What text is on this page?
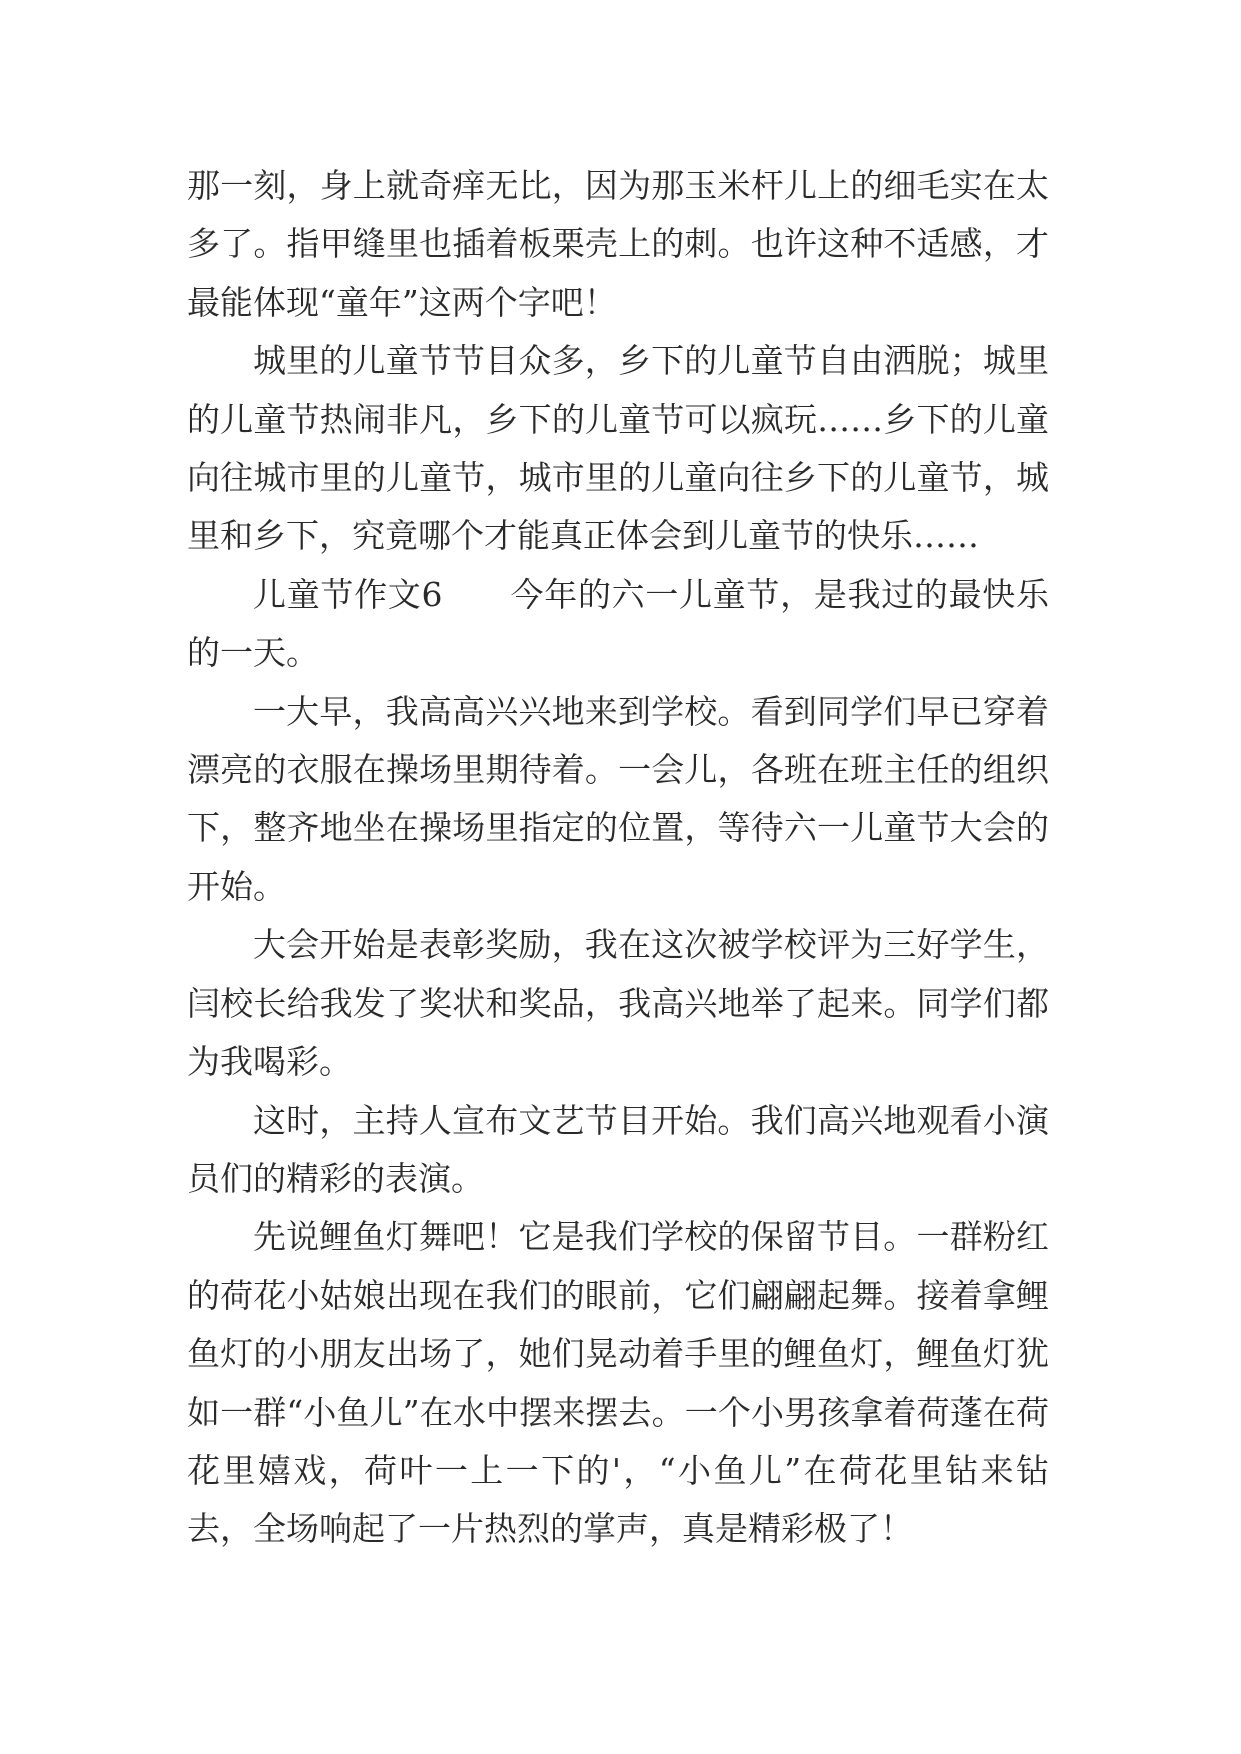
那一刻，身上就奇痒无比，因为那玉米杆儿上的细毛实在太多了。指甲缝里也插着板栗壳上的刺。也许这种不适感，才最能体现“童年”这两个字吧！

城里的儿童节节目众多，乡下的儿童节自由洒脱；城里的儿童节热闹非凡，乡下的儿童节可以疯玩……乡下的儿童向往城市里的儿童节，城市里的儿童向往乡下的儿童节，城里和乡下，究竟哪个才能真正体会到儿童节的快乐……

儿童节作文6　　今年的六一儿童节，是我过的最快乐的一天。

一大早，我高高兴兴地来到学校。看到同学们早已穿着漂亮的衣服在操场里期待着。一会儿，各班在班主任的组织下，整齐地坐在操场里指定的位置，等待六一儿童节大会的开始。

大会开始是表彰奖励，我在这次被学校评为三好学生，闫校长给我发了奖状和奖品，我高兴地举了起来。同学们都为我喝彩。

这时，主持人宣布文艺节目开始。我们高兴地观看小演员们的精彩的表演。

先说鲤鱼灯舞吧！它是我们学校的保留节目。一群粉红的荷花小姑娘出现在我们的眼前，它们翩翩起舞。接着拿鲤鱼灯的小朋友出场了，她们晃动着手里的鲤鱼灯，鲤鱼灯犹如一群“小鱼儿”在水中摆来摆去。一个小男孩拿着荷蓬在荷花里嬉戏，荷叶一上一下的'，“小鱼儿”在荷花里钻来钻去，全场响起了一片热烈的掌声，真是精彩极了！
